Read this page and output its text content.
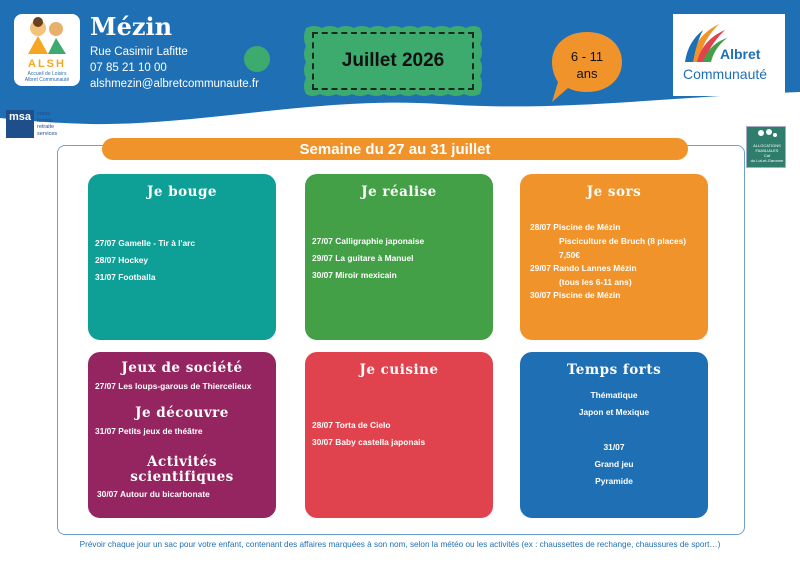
ALSH
Accueil de Loisirs
Albret Communauté
Mézin
Rue Casimir Lafitte
07 85 21 10 00
alshmezin@albretcommunaute.fr
Juillet 2026	6 - 11
ans
Albret
Communauté
msa	santé
famille
retraite
services
ALLOCATIONS
FAMILIALES
Caf
du Lot-et-Garonne
Semaine du 27 au 31 juillet
Je bouge
27/07 Gamelle - Tir à l'arc
28/07 Hockey
31/07 Footballa
Je réalise
27/07 Calligraphie japonaise
29/07 La guitare à Manuel
30/07 Miroir mexicain
Je sors
28/07 Piscine de Mézin
Pisciculture de Bruch (8 places)
7,50€
29/07 Rando Lannes Mézin
(tous les 6-11 ans)
30/07 Piscine de Mézin
Jeux de société
27/07 Les loups-garous de Thiercelieux
Je découvre
31/07 Petits jeux de théâtre
Activités
scientifiques
30/07 Autour du bicarbonate
Je cuisine
28/07 Torta de Cielo
30/07 Baby castella japonais
Temps forts
Thématique
Japon et Mexique
31/07
Grand jeu
Pyramide
Prévoir chaque jour un sac pour votre enfant, contenant des affaires marquées à son nom, selon la météo ou les activités (ex : chaussettes de rechange, chaussures de sport…)
